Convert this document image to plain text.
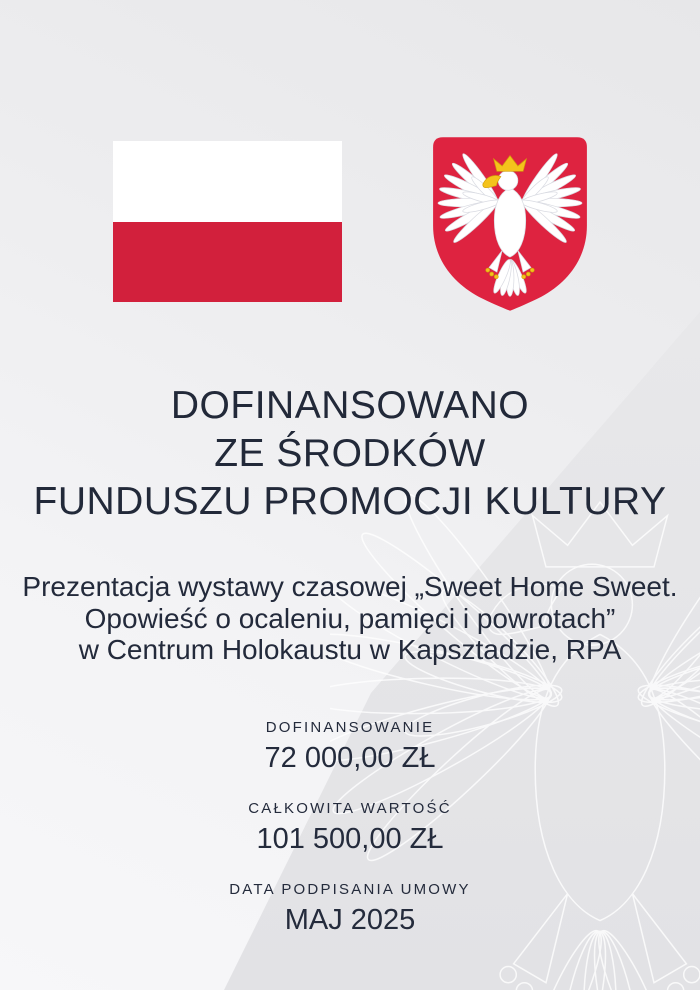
DOFINANSOWANO
ZE ŚRODKÓW
FUNDUSZU PROMOCJI KULTURY

Prezentacja wystawy czasowej „Sweet Home Sweet.
Opowieść o ocaleniu, pamięci i powrotach”
w Centrum Holokaustu w Kapsztadzie, RPA

DOFINANSOWANIE

72 000,00 ZŁ

CAŁKOWITA WARTOŚĆ

101 500,00 ZŁ

DATA PODPISANIA UMOWY

MAJ 2025
